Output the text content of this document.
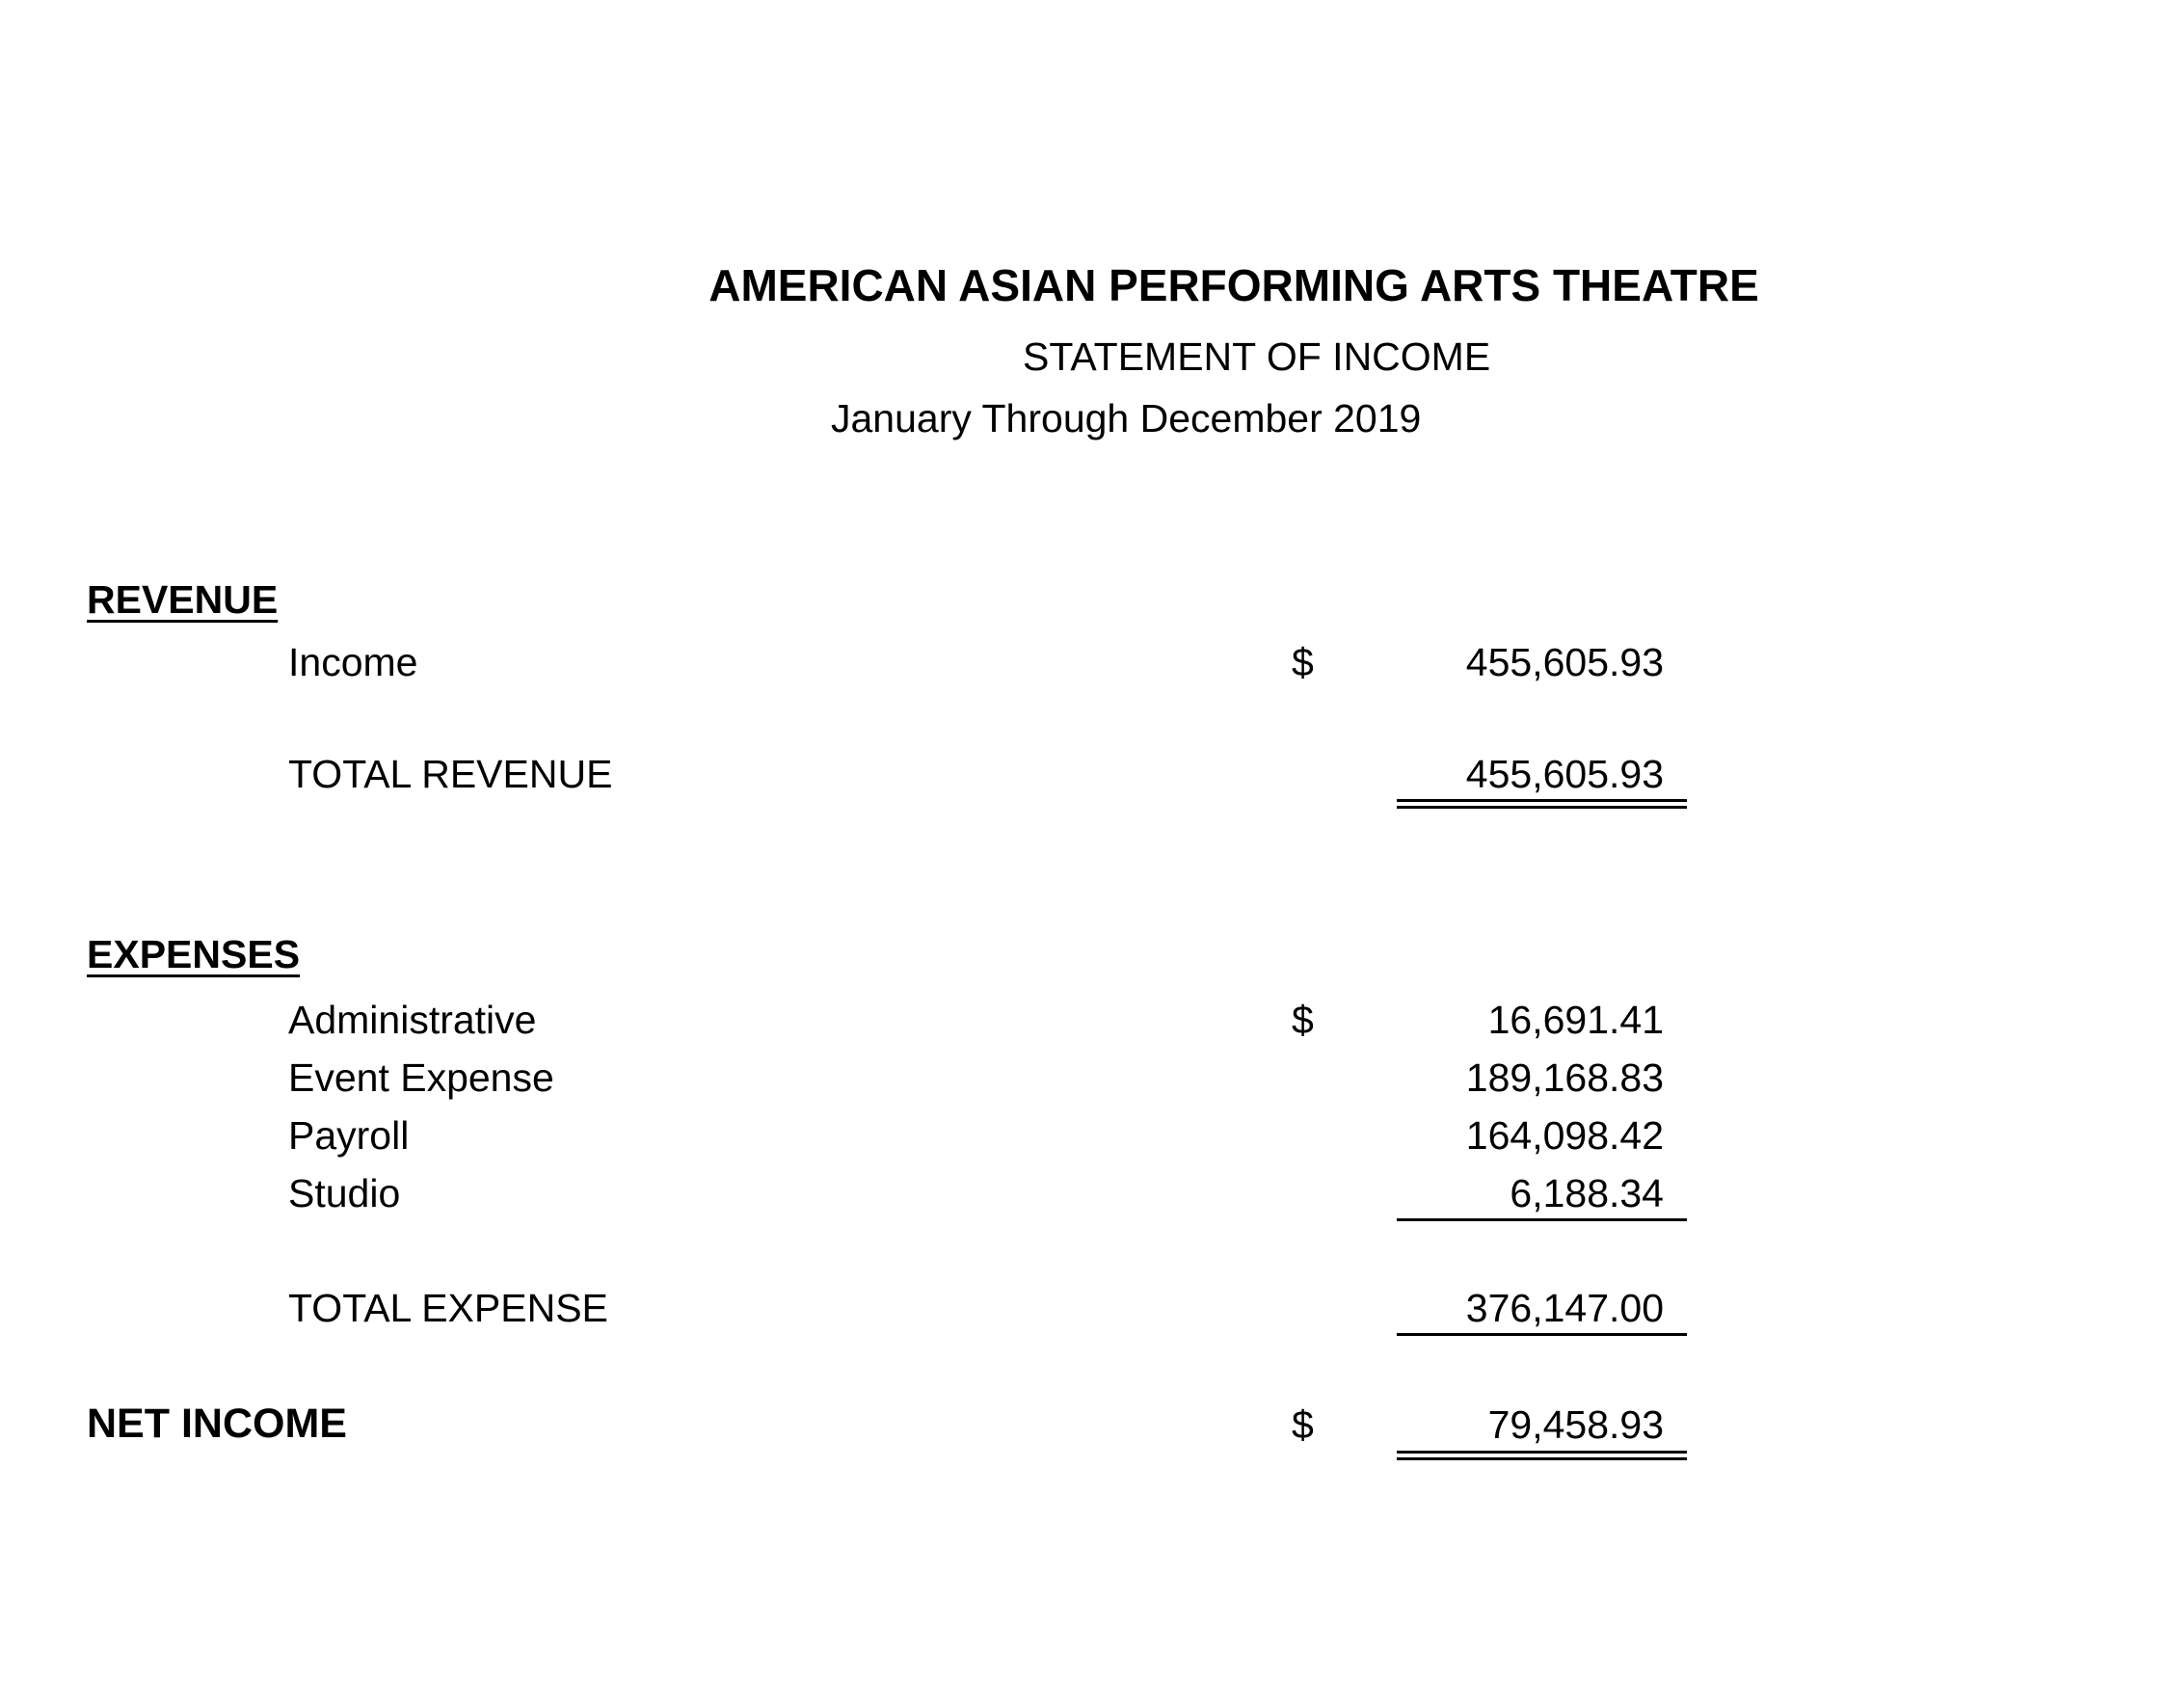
AMERICAN ASIAN PERFORMING ARTS THEATRE
STATEMENT OF INCOME
January Through December 2019
REVENUE
Income	$	455,605.93
TOTAL REVENUE	455,605.93
EXPENSES
Administrative	$	16,691.41
Event Expense	189,168.83
Payroll	164,098.42
Studio	6,188.34
TOTAL EXPENSE	376,147.00
NET INCOME	$	79,458.93
